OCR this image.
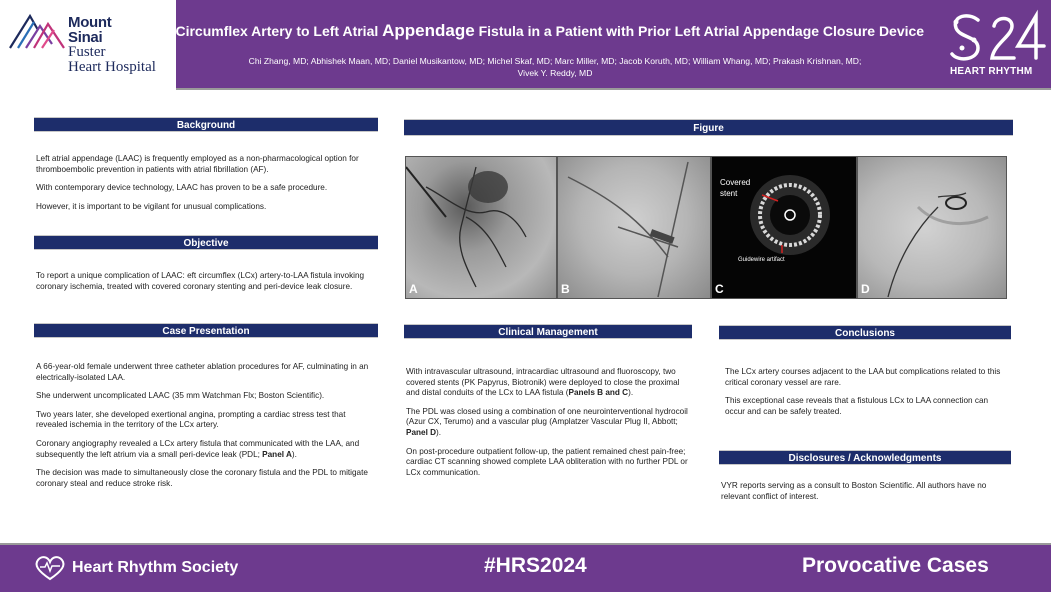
Mount
Sinai
Fuster
Heart Hospital
Left Circumflex Artery to Left Atrial Appendage Fistula in a Patient with Prior Left Atrial Appendage Closure Device
Chi Zhang, MD; Abhishek Maan, MD; Daniel Musikantow, MD; Michel Skaf, MD; Marc Miller, MD; Jacob Koruth, MD; William Whang, MD; Prakash Krishnan, MD;
Vivek Y. Reddy, MD	HEART RHYTHM
Background

Left atrial appendage (LAAC) is frequently employed as a non-pharmacological option for thromboembolic prevention in patients with atrial fibrillation (AF).

With contemporary device technology, LAAC has proven to be a safe procedure.

However, it is important to be vigilant for unusual complications.

Objective

To report a unique complication of LAAC: eft circumflex (LCx) artery-to-LAA fistula invoking coronary ischemia, treated with covered coronary stenting and peri-device leak closure.

Case Presentation

A 66-year-old female underwent three catheter ablation procedures for AF, culminating in an electrically-isolated LAA.

She underwent uncomplicated LAAC (35 mm Watchman Flx; Boston Scientific).

Two years later, she developed exertional angina, prompting a cardiac stress test that revealed ischemia in the territory of the LCx artery.

Coronary angiography revealed a LCx artery fistula that communicated with the LAA, and subsequently the left atrium via a small peri-device leak (PDL; Panel A).

The decision was made to simultaneously close the coronary fistula and the PDL to mitigate coronary steal and reduce stroke risk.

Figure
A	B
Covered stent
Guidewire artifact
C	D
Clinical Management

With intravascular ultrasound, intracardiac ultrasound and fluoroscopy, two covered stents (PK Papyrus, Biotronik) were deployed to close the proximal and distal conduits of the LCx to LAA fistula (Panels B and C).

The PDL was closed using a combination of one neurointerventional hydrocoil (Azur CX, Terumo) and a vascular plug (Amplatzer Vascular Plug II, Abbott; Panel D).

On post-procedure outpatient follow-up, the patient remained chest pain-free; cardiac CT scanning showed complete LAA obliteration with no further PDL or LCx communication.

Conclusions

The LCx artery courses adjacent to the LAA but complications related to this critical coronary vessel are rare.

This exceptional case reveals that a fistulous LCx to LAA connection can occur and can be safely treated.

Disclosures / Acknowledgments

VYR reports serving as a consult to Boston Scientific. All authors have no relevant conflict of interest.

Heart Rhythm Society	#HRS2024	Provocative Cases
